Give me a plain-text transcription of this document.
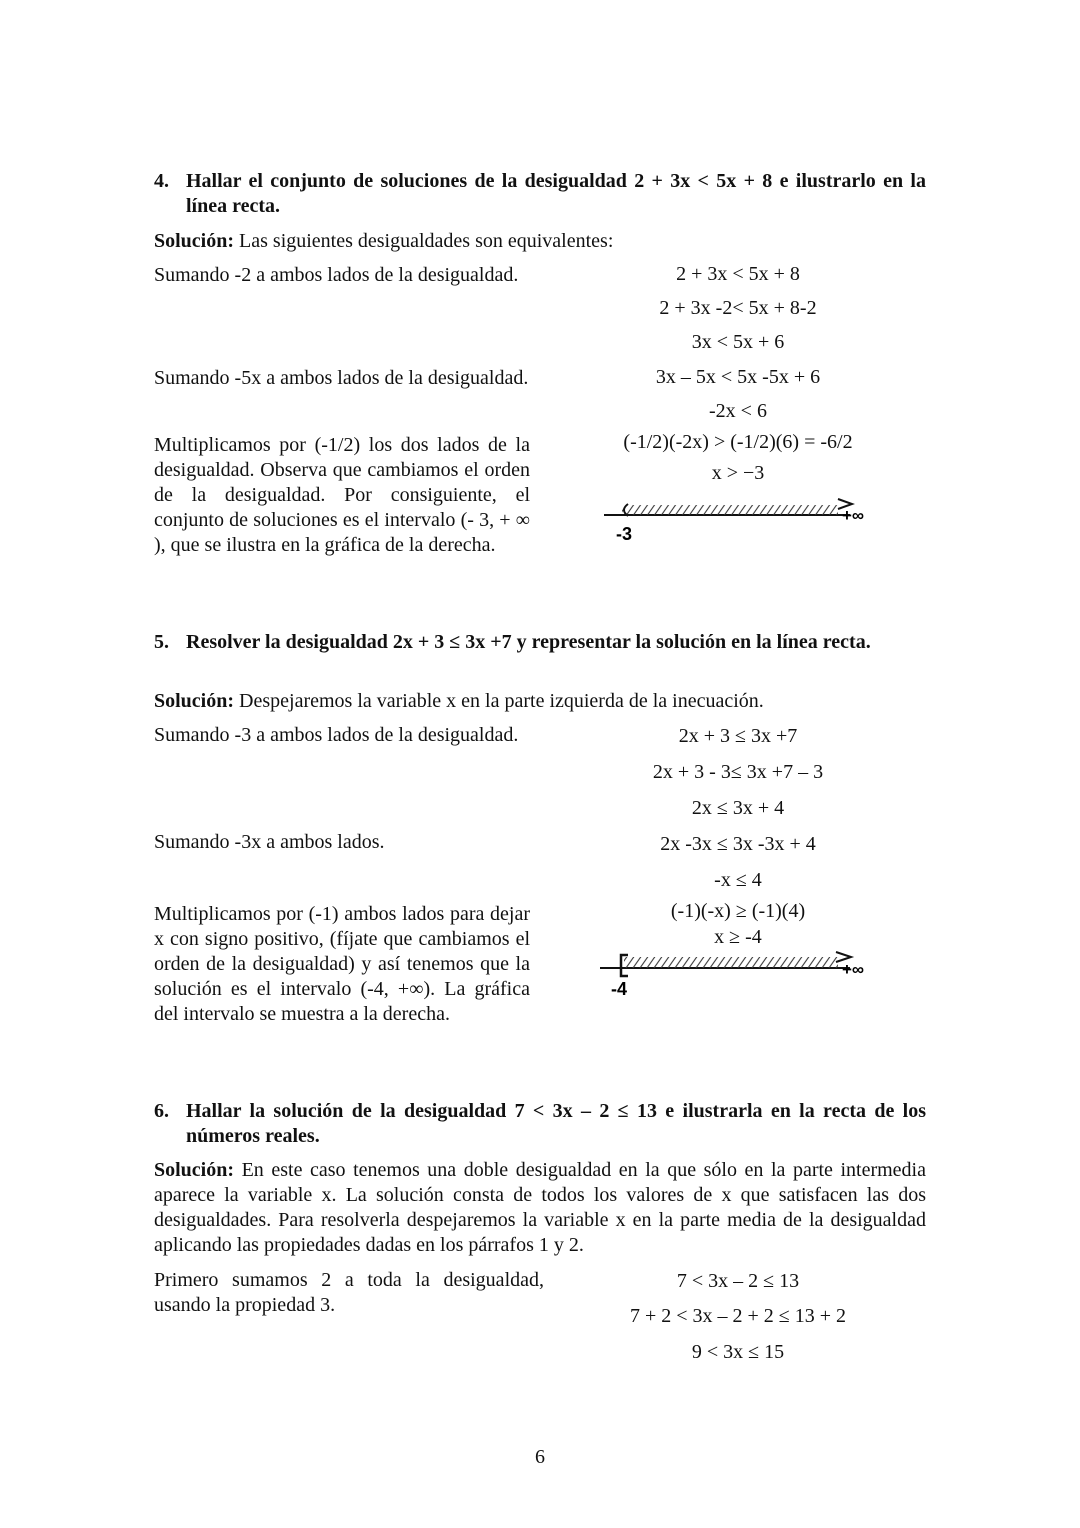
4. Hallar el conjunto de soluciones de la desigualdad 2 + 3x < 5x + 8 e ilustrarlo en la línea recta.
Solución: Las siguientes desigualdades son equivalentes:
Sumando -2 a ambos lados de la desigualdad.
Sumando -5x a ambos lados de la desigualdad.
Multiplicamos por (-1/2) los dos lados de la desigualdad. Observa que cambiamos el orden de la desigualdad. Por consiguiente, el conjunto de soluciones es el intervalo (- 3, + ∞ ), que se ilustra en la gráfica de la derecha.
2 + 3x < 5x + 8
2 + 3x -2< 5x + 8-2
3x < 5x + 6
3x – 5x < 5x -5x + 6
-2x < 6
(-1/2)(-2x) > (-1/2)(6) = -6/2
x > −3
-3
+∞
5. Resolver la desigualdad 2x + 3 ≤ 3x +7 y representar la solución en la línea recta.
Solución: Despejaremos la variable x en la parte izquierda de la inecuación.
Sumando -3 a ambos lados de la desigualdad.
Sumando -3x a ambos lados.
Multiplicamos por (-1) ambos lados para dejar x con signo positivo, (fíjate que cambiamos el orden de la desigualdad) y así tenemos que la solución es el intervalo (-4, +∞). La gráfica del intervalo se muestra a la derecha.
2x + 3 ≤ 3x +7
2x + 3 - 3≤ 3x +7 – 3
2x ≤ 3x + 4
2x -3x ≤ 3x -3x + 4
-x ≤ 4
(-1)(-x) ≥ (-1)(4)
x ≥ -4
-4
+∞
6. Hallar la solución de la desigualdad 7 < 3x – 2 ≤ 13 e ilustrarla en la recta de los números reales.
Solución: En este caso tenemos una doble desigualdad en la que sólo en la parte intermedia aparece la variable x. La solución consta de todos los valores de x que satisfacen las dos desigualdades. Para resolverla despejaremos la variable x en la parte media de la desigualdad aplicando las propiedades dadas en los párrafos 1 y 2.
Primero sumamos 2 a toda la desigualdad, usando la propiedad 3.
7 < 3x – 2 ≤ 13
7 + 2 < 3x – 2 + 2 ≤ 13 + 2
9 < 3x ≤ 15
6
